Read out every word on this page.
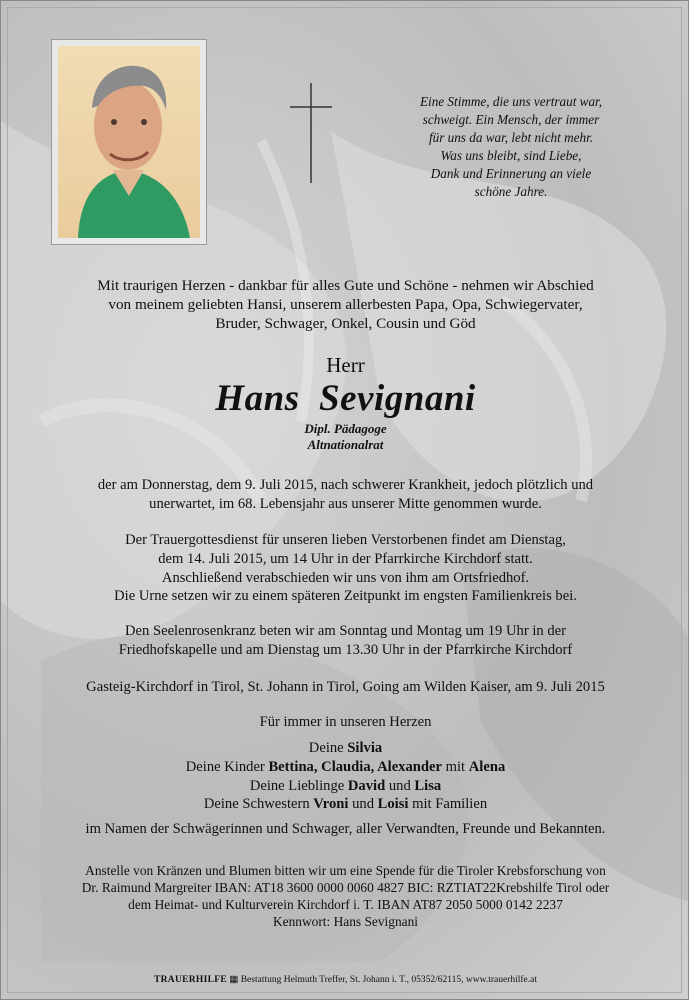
Eine Stimme, die uns vertraut war,
schweigt. Ein Mensch, der immer
für uns da war, lebt nicht mehr.
Was uns bleibt, sind Liebe,
Dank und Erinnerung an viele
schöne Jahre.
Mit traurigen Herzen - dankbar für alles Gute und Schöne - nehmen wir Abschied
von meinem geliebten Hansi, unserem allerbesten Papa, Opa, Schwiegervater,
Bruder, Schwager, Onkel, Cousin und Göd
Herr
Hans  Sevignani
Dipl. Pädagoge
Altnationalrat
der am Donnerstag, dem 9. Juli 2015, nach schwerer Krankheit, jedoch plötzlich und
unerwartet, im 68. Lebensjahr aus unserer Mitte genommen wurde.
Der Trauergottesdienst für unseren lieben Verstorbenen findet am Dienstag,
dem 14. Juli 2015, um 14 Uhr in der Pfarrkirche Kirchdorf statt.
Anschließend verabschieden wir uns von ihm am Ortsfriedhof.
Die Urne setzen wir zu einem späteren Zeitpunkt im engsten Familienkreis bei.
Den Seelenrosenkranz beten wir am Sonntag und Montag um 19 Uhr in der
Friedhofskapelle und am Dienstag um 13.30 Uhr in der Pfarrkirche Kirchdorf
Gasteig-Kirchdorf in Tirol, St. Johann in Tirol, Going am Wilden Kaiser, am 9. Juli 2015
Für immer in unseren Herzen
Deine Silvia
Deine Kinder Bettina, Claudia, Alexander mit Alena
Deine Lieblinge David und Lisa
Deine Schwestern Vroni und Loisi mit Familien
im Namen der Schwägerinnen und Schwager, aller Verwandten, Freunde und Bekannten.
Anstelle von Kränzen und Blumen bitten wir um eine Spende für die Tiroler Krebsforschung von
Dr. Raimund Margreiter IBAN: AT18 3600 0000 0060 4827 BIC: RZTIAT22Krebshilfe Tirol oder
dem Heimat- und Kulturverein Kirchdorf i. T. IBAN AT87 2050 5000 0142 2237
Kennwort: Hans Sevignani
TRAUERHILFE ▦ Bestattung Helmuth Treffer, St. Johann i. T., 05352/62115, www.trauerhilfe.at
